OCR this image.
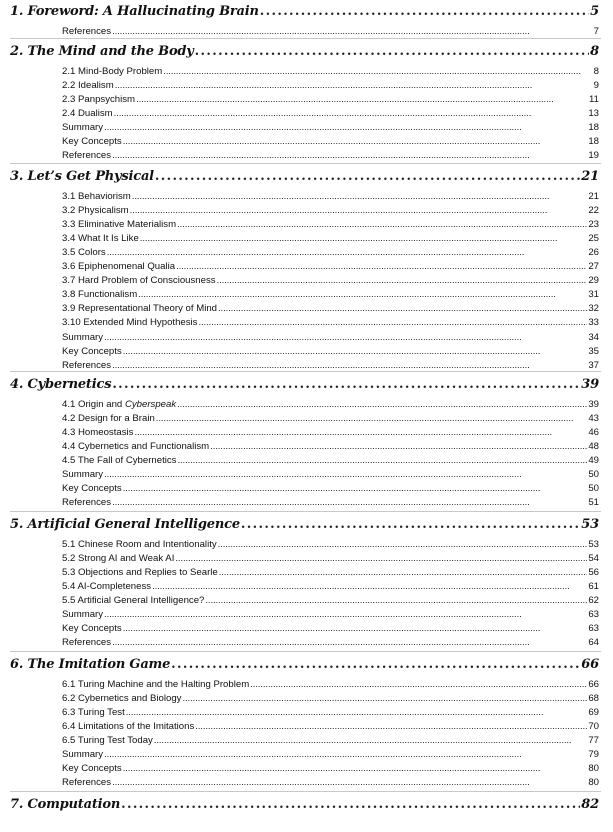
1. Foreword: A Hallucinating Brain . . .	5
References . . .	7
2. The Mind and the Body . . .	8
2.1 Mind-Body Problem . . .	8
2.2 Idealism . . .	9
2.3 Panpsychism . . .	11
2.4 Dualism . . .	13
Summary . . .	18
Key Concepts . . .	18
References . . .	19
3. Let’s Get Physical . . .	21
3.1 Behaviorism . . .	21
3.2 Physicalism . . .	22
3.3 Eliminative Materialism . . .	23
3.4 What It Is Like . . .	25
3.5 Colors . . .	26
3.6 Epiphenomenal Qualia . . .	27
3.7 Hard Problem of Consciousness . . .	29
3.8 Functionalism . . .	31
3.9 Representational Theory of Mind . . .	32
3.10 Extended Mind Hypothesis . . .	33
Summary . . .	34
Key Concepts . . .	35
References . . .	37
4. Cybernetics . . .	39
4.1 Origin and Cyberspeak . . .	39
4.2 Design for a Brain . . .	43
4.3 Homeostasis . . .	46
4.4 Cybernetics and Functionalism . . .	48
4.5 The Fall of Cybernetics . . .	49
Summary . . .	50
Key Concepts . . .	50
References . . .	51
5. Artificial General Intelligence . . .	53
5.1 Chinese Room and Intentionality . . .	53
5.2 Strong AI and Weak AI . . .	54
5.3 Objections and Replies to Searle . . .	56
5.4 AI-Completeness . . .	61
5.5 Artificial General Intelligence? . . .	62
Summary . . .	63
Key Concepts . . .	63
References . . .	64
6. The Imitation Game . . .	66
6.1 Turing Machine and the Halting Problem . . .	66
6.2 Cybernetics and Biology . . .	68
6.3 Turing Test . . .	69
6.4 Limitations of the Imitations . . .	70
6.5 Turing Test Today . . .	77
Summary . . .	79
Key Concepts . . .	80
References . . .	80
7. Computation . . .	82
